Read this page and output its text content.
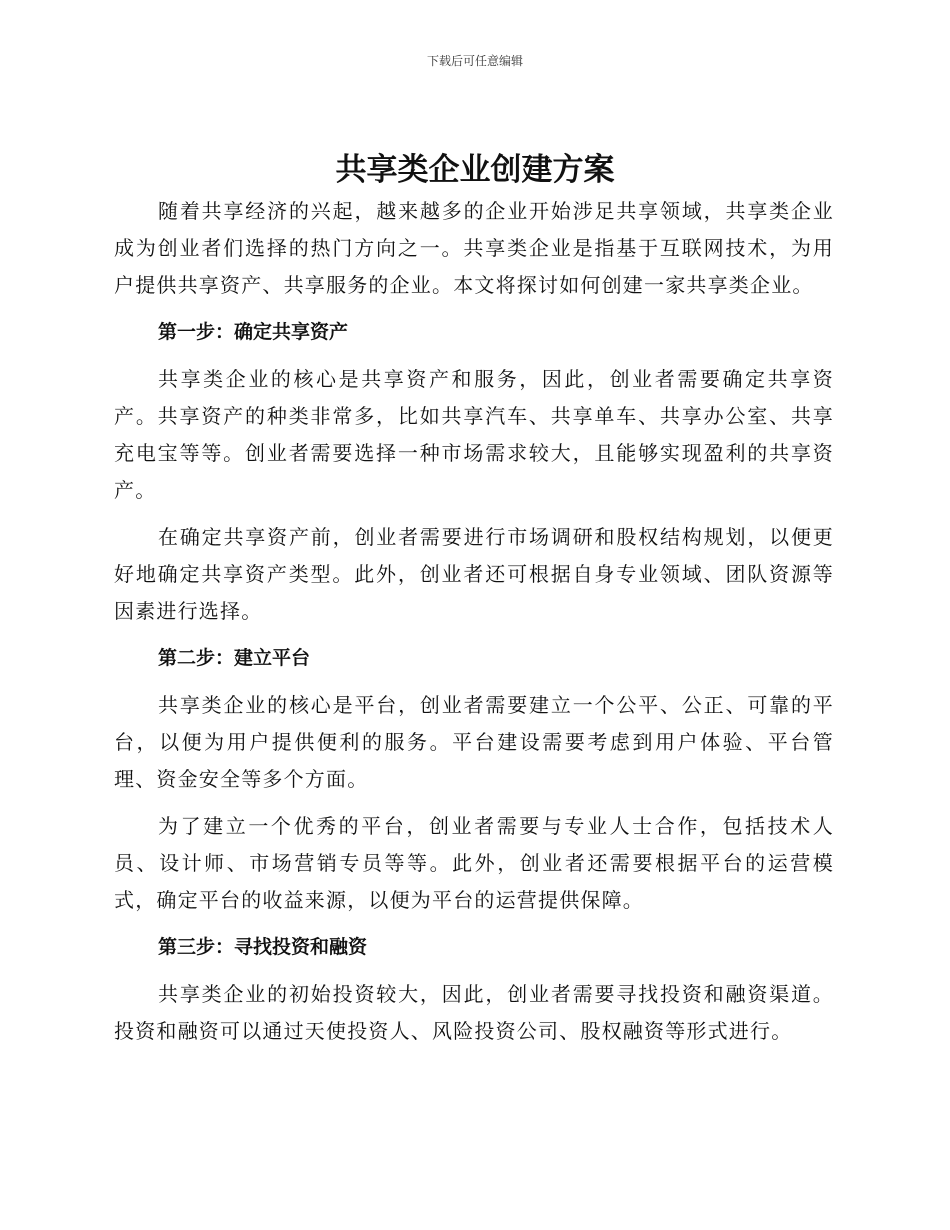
下载后可任意编辑
共享类企业创建方案

随着共享经济的兴起，越来越多的企业开始涉足共享领域，共享类企业成为创业者们选择的热门方向之一。共享类企业是指基于互联网技术，为用户提供共享资产、共享服务的企业。本文将探讨如何创建一家共享类企业。

第一步：确定共享资产

共享类企业的核心是共享资产和服务，因此，创业者需要确定共享资产。共享资产的种类非常多，比如共享汽车、共享单车、共享办公室、共享充电宝等等。创业者需要选择一种市场需求较大，且能够实现盈利的共享资产。

在确定共享资产前，创业者需要进行市场调研和股权结构规划，以便更好地确定共享资产类型。此外，创业者还可根据自身专业领域、团队资源等因素进行选择。

第二步：建立平台

共享类企业的核心是平台，创业者需要建立一个公平、公正、可靠的平台，以便为用户提供便利的服务。平台建设需要考虑到用户体验、平台管理、资金安全等多个方面。

为了建立一个优秀的平台，创业者需要与专业人士合作，包括技术人员、设计师、市场营销专员等等。此外，创业者还需要根据平台的运营模式，确定平台的收益来源，以便为平台的运营提供保障。

第三步：寻找投资和融资

共享类企业的初始投资较大，因此，创业者需要寻找投资和融资渠道。投资和融资可以通过天使投资人、风险投资公司、股权融资等形式进行。
